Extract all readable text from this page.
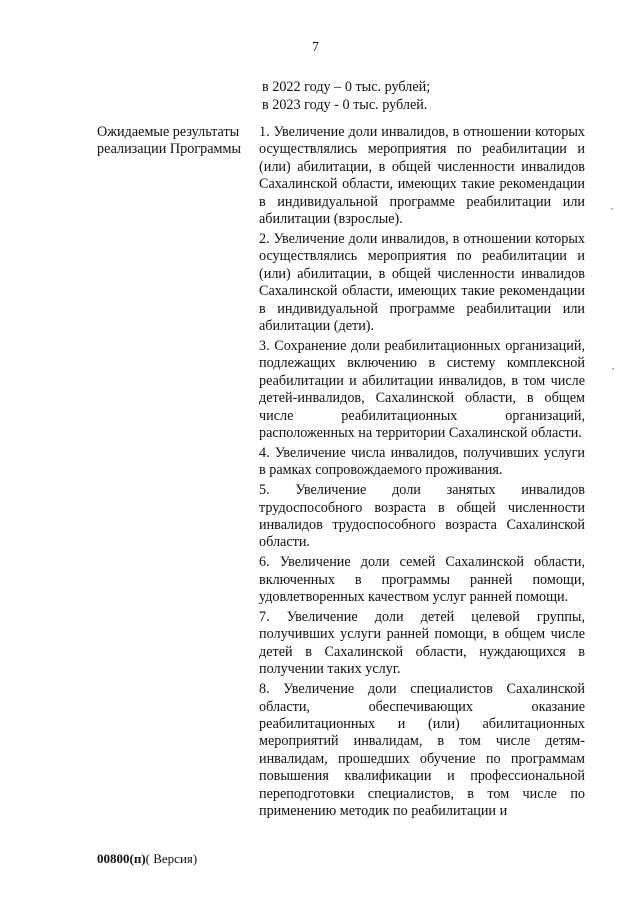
7
в 2022 году – 0 тыс. рублей;
в 2023 году - 0 тыс. рублей.
Ожидаемые результаты реализации Программы

1. Увеличение доли инвалидов, в отношении которых осуществлялись мероприятия по реабилитации и (или) абилитации, в общей численности инвалидов Сахалинской области, имеющих такие рекомендации в индивидуальной программе реабилитации или абилитации (взрослые).

2. Увеличение доли инвалидов, в отношении которых осуществлялись мероприятия по реабилитации и (или) абилитации, в общей численности инвалидов Сахалинской области, имеющих такие рекомендации в индивидуальной программе реабилитации или абилитации (дети).

3. Сохранение доли реабилитационных организаций, подлежащих включению в систему комплексной реабилитации и абилитации инвалидов, в том числе детей-инвалидов, Сахалинской области, в общем числе реабилитационных организаций, расположенных на территории Сахалинской области.

4. Увеличение числа инвалидов, получивших услуги в рамках сопровождаемого проживания.

5. Увеличение доли занятых инвалидов трудоспособного возраста в общей численности инвалидов трудоспособного возраста Сахалинской области.

6. Увеличение доли семей Сахалинской области, включенных в программы ранней помощи, удовлетворенных качеством услуг ранней помощи.

7. Увеличение доли детей целевой группы, получивших услуги ранней помощи, в общем числе детей в Сахалинской области, нуждающихся в получении таких услуг.

8. Увеличение доли специалистов Сахалинской области, обеспечивающих оказание реабилитационных и (или) абилитационных мероприятий инвалидам, в том числе детям-инвалидам, прошедших обучение по программам повышения квалификации и профессиональной переподготовки специалистов, в том числе по применению методик по реабилитации и

00800(п)( Версия)
